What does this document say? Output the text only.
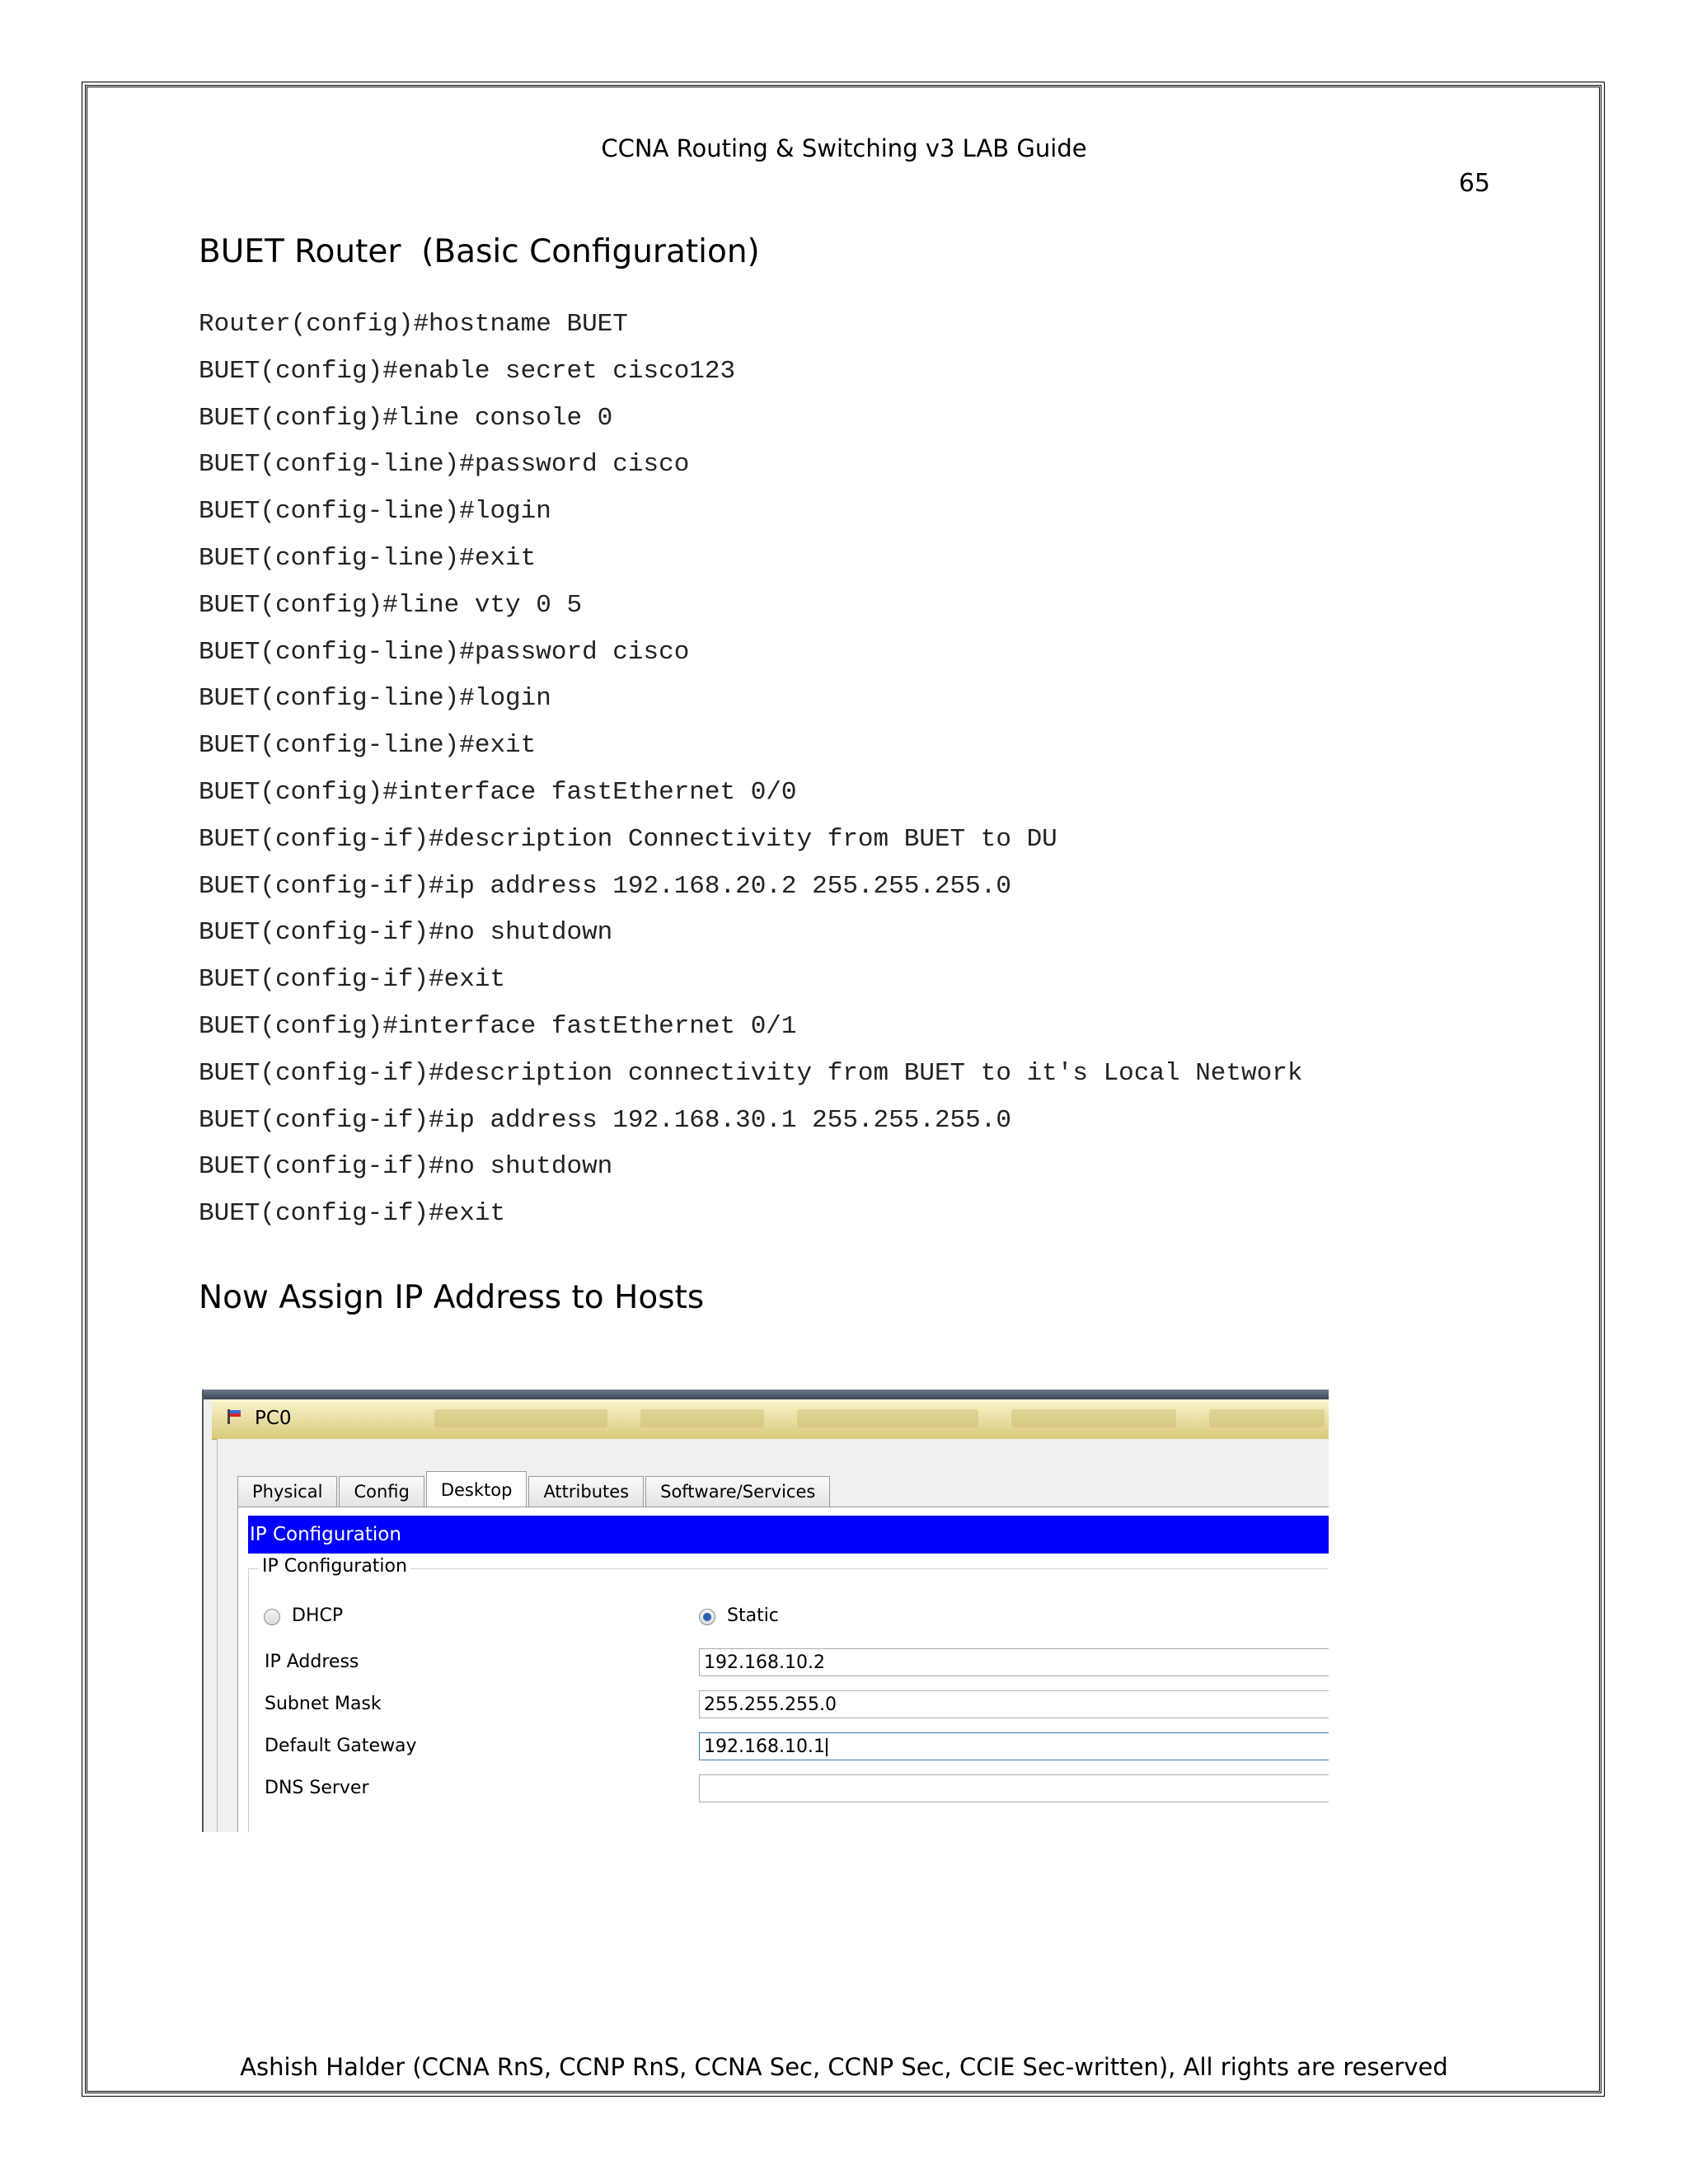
CCNA Routing & Switching v3 LAB Guide
65
BUET Router  (Basic Configuration)
Router(config)#hostname BUET
BUET(config)#enable secret cisco123
BUET(config)#line console 0
BUET(config-line)#password cisco
BUET(config-line)#login
BUET(config-line)#exit
BUET(config)#line vty 0 5
BUET(config-line)#password cisco
BUET(config-line)#login
BUET(config-line)#exit
BUET(config)#interface fastEthernet 0/0
BUET(config-if)#description Connectivity from BUET to DU
BUET(config-if)#ip address 192.168.20.2 255.255.255.0
BUET(config-if)#no shutdown
BUET(config-if)#exit
BUET(config)#interface fastEthernet 0/1
BUET(config-if)#description connectivity from BUET to it's Local Network
BUET(config-if)#ip address 192.168.30.1 255.255.255.0
BUET(config-if)#no shutdown
BUET(config-if)#exit
Now Assign IP Address to Hosts
PC0
Physical	Config	Desktop	Attributes	Software/Services
IP Configuration
IP Configuration
DHCP	Static
IP Address	192.168.10.2
Subnet Mask	255.255.255.0
Default Gateway	192.168.10.1
DNS Server
Ashish Halder (CCNA RnS, CCNP RnS, CCNA Sec, CCNP Sec, CCIE Sec-written), All rights are reserved
